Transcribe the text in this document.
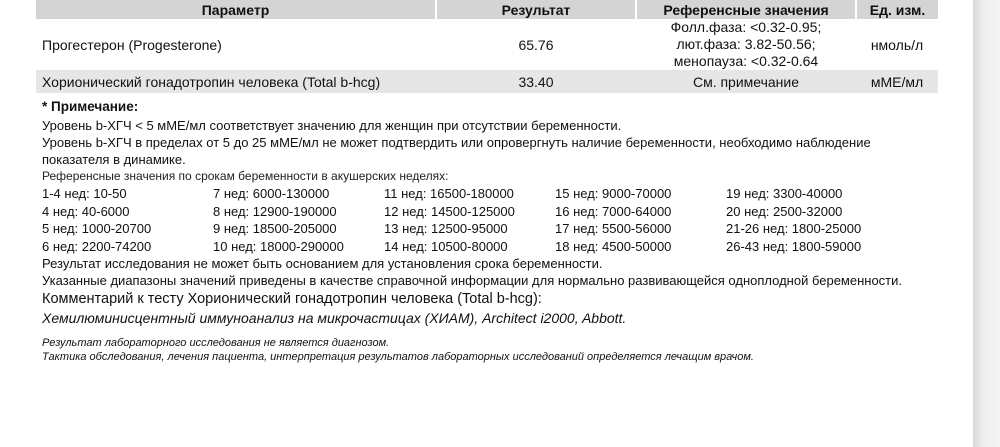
Параметр	Результат	Референсные значения	Ед. изм.
Прогестерон (Progesterone)	65.76	Фолл.фаза: <0.32-0.95;
лют.фаза: 3.82-50.56;
менопауза: <0.32-0.64	нмоль/л
Хорионический гонадотропин человека (Total b-hcg)	33.40	См. примечание	мМЕ/мл
* Примечание:
Уровень b-ХГЧ < 5 мМЕ/мл соответствует значению для женщин при отсутствии беременности.
Уровень b-ХГЧ в пределах от 5 до 25 мМЕ/мл не может подтвердить или опровергнуть наличие беременности, необходимо наблюдение
показателя в динамике.
Референсные значения по срокам беременности в акушерских неделях:
1-4 нед: 10-50	7 нед: 6000-130000	11 нед: 16500-180000	15 нед: 9000-70000	19 нед: 3300-40000
4 нед: 40-6000	8 нед: 12900-190000	12 нед: 14500-125000	16 нед: 7000-64000	20 нед: 2500-32000
5 нед: 1000-20700	9 нед: 18500-205000	13 нед: 12500-95000	17 нед: 5500-56000	21-26 нед: 1800-25000
6 нед: 2200-74200	10 нед: 18000-290000	14 нед: 10500-80000	18 нед: 4500-50000	26-43 нед: 1800-59000
Результат исследования не может быть основанием для установления срока беременности.
Указанные диапазоны значений приведены в качестве справочной информации для нормально развивающейся одноплодной беременности.
Комментарий к тесту Хорионический гонадотропин человека (Total b-hcg):
Хемилюминисцентный иммуноанализ на микрочастицах (ХИАМ), Architect i2000, Abbott.
Результат лабораторного исследования не является диагнозом.
Тактика обследования, лечения пациента, интерпретация результатов лабораторных исследований определяется лечащим врачом.
